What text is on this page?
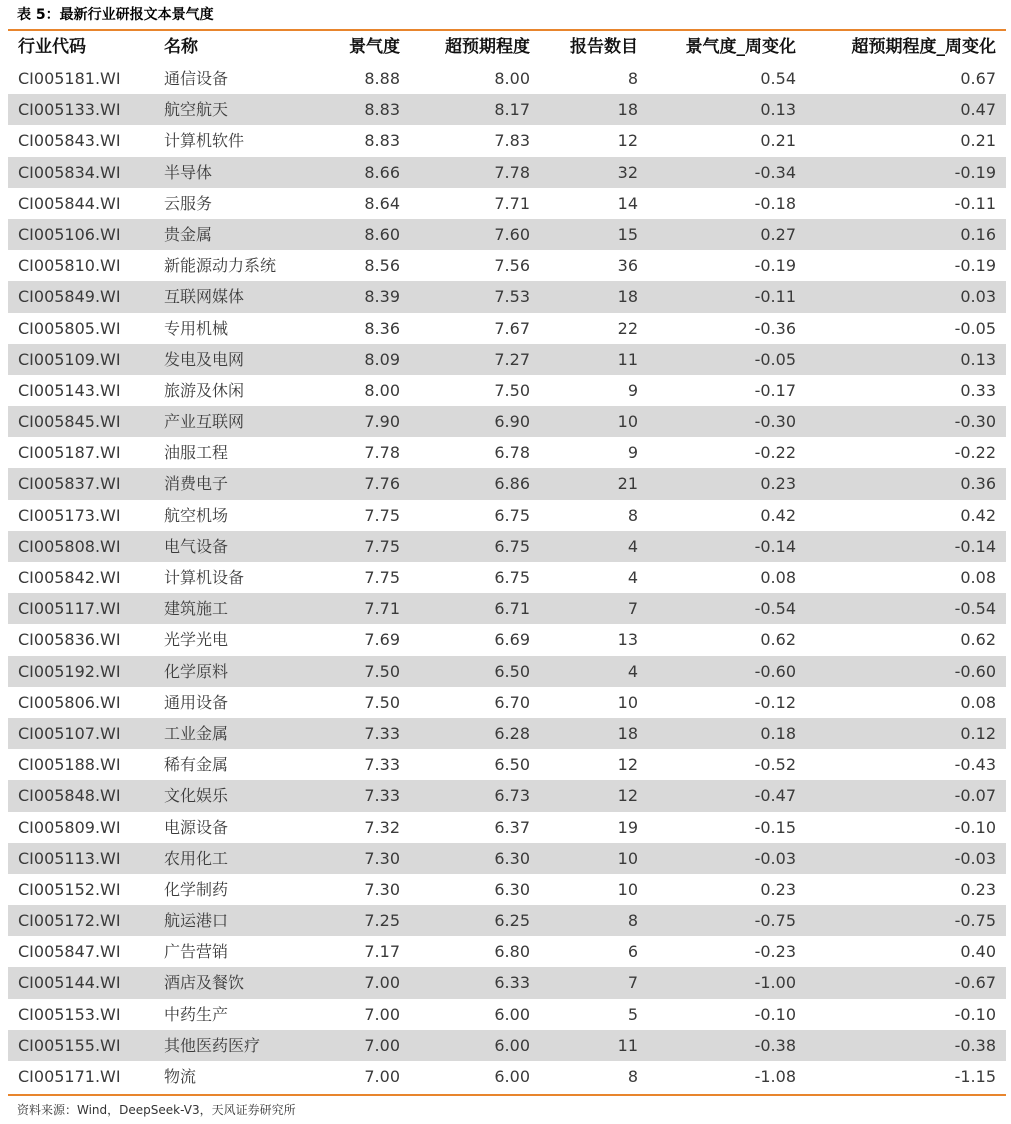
表 5：最新行业研报文本景气度
行业代码	名称	景气度	超预期程度	报告数目	景气度_周变化	超预期程度_周变化
CI005181.WI	通信设备	8.88	8.00	8	0.54	0.67
CI005133.WI	航空航天	8.83	8.17	18	0.13	0.47
CI005843.WI	计算机软件	8.83	7.83	12	0.21	0.21
CI005834.WI	半导体	8.66	7.78	32	-0.34	-0.19
CI005844.WI	云服务	8.64	7.71	14	-0.18	-0.11
CI005106.WI	贵金属	8.60	7.60	15	0.27	0.16
CI005810.WI	新能源动力系统	8.56	7.56	36	-0.19	-0.19
CI005849.WI	互联网媒体	8.39	7.53	18	-0.11	0.03
CI005805.WI	专用机械	8.36	7.67	22	-0.36	-0.05
CI005109.WI	发电及电网	8.09	7.27	11	-0.05	0.13
CI005143.WI	旅游及休闲	8.00	7.50	9	-0.17	0.33
CI005845.WI	产业互联网	7.90	6.90	10	-0.30	-0.30
CI005187.WI	油服工程	7.78	6.78	9	-0.22	-0.22
CI005837.WI	消费电子	7.76	6.86	21	0.23	0.36
CI005173.WI	航空机场	7.75	6.75	8	0.42	0.42
CI005808.WI	电气设备	7.75	6.75	4	-0.14	-0.14
CI005842.WI	计算机设备	7.75	6.75	4	0.08	0.08
CI005117.WI	建筑施工	7.71	6.71	7	-0.54	-0.54
CI005836.WI	光学光电	7.69	6.69	13	0.62	0.62
CI005192.WI	化学原料	7.50	6.50	4	-0.60	-0.60
CI005806.WI	通用设备	7.50	6.70	10	-0.12	0.08
CI005107.WI	工业金属	7.33	6.28	18	0.18	0.12
CI005188.WI	稀有金属	7.33	6.50	12	-0.52	-0.43
CI005848.WI	文化娱乐	7.33	6.73	12	-0.47	-0.07
CI005809.WI	电源设备	7.32	6.37	19	-0.15	-0.10
CI005113.WI	农用化工	7.30	6.30	10	-0.03	-0.03
CI005152.WI	化学制药	7.30	6.30	10	0.23	0.23
CI005172.WI	航运港口	7.25	6.25	8	-0.75	-0.75
CI005847.WI	广告营销	7.17	6.80	6	-0.23	0.40
CI005144.WI	酒店及餐饮	7.00	6.33	7	-1.00	-0.67
CI005153.WI	中药生产	7.00	6.00	5	-0.10	-0.10
CI005155.WI	其他医药医疗	7.00	6.00	11	-0.38	-0.38
CI005171.WI	物流	7.00	6.00	8	-1.08	-1.15
资料来源：Wind，DeepSeek-V3，天风证券研究所
